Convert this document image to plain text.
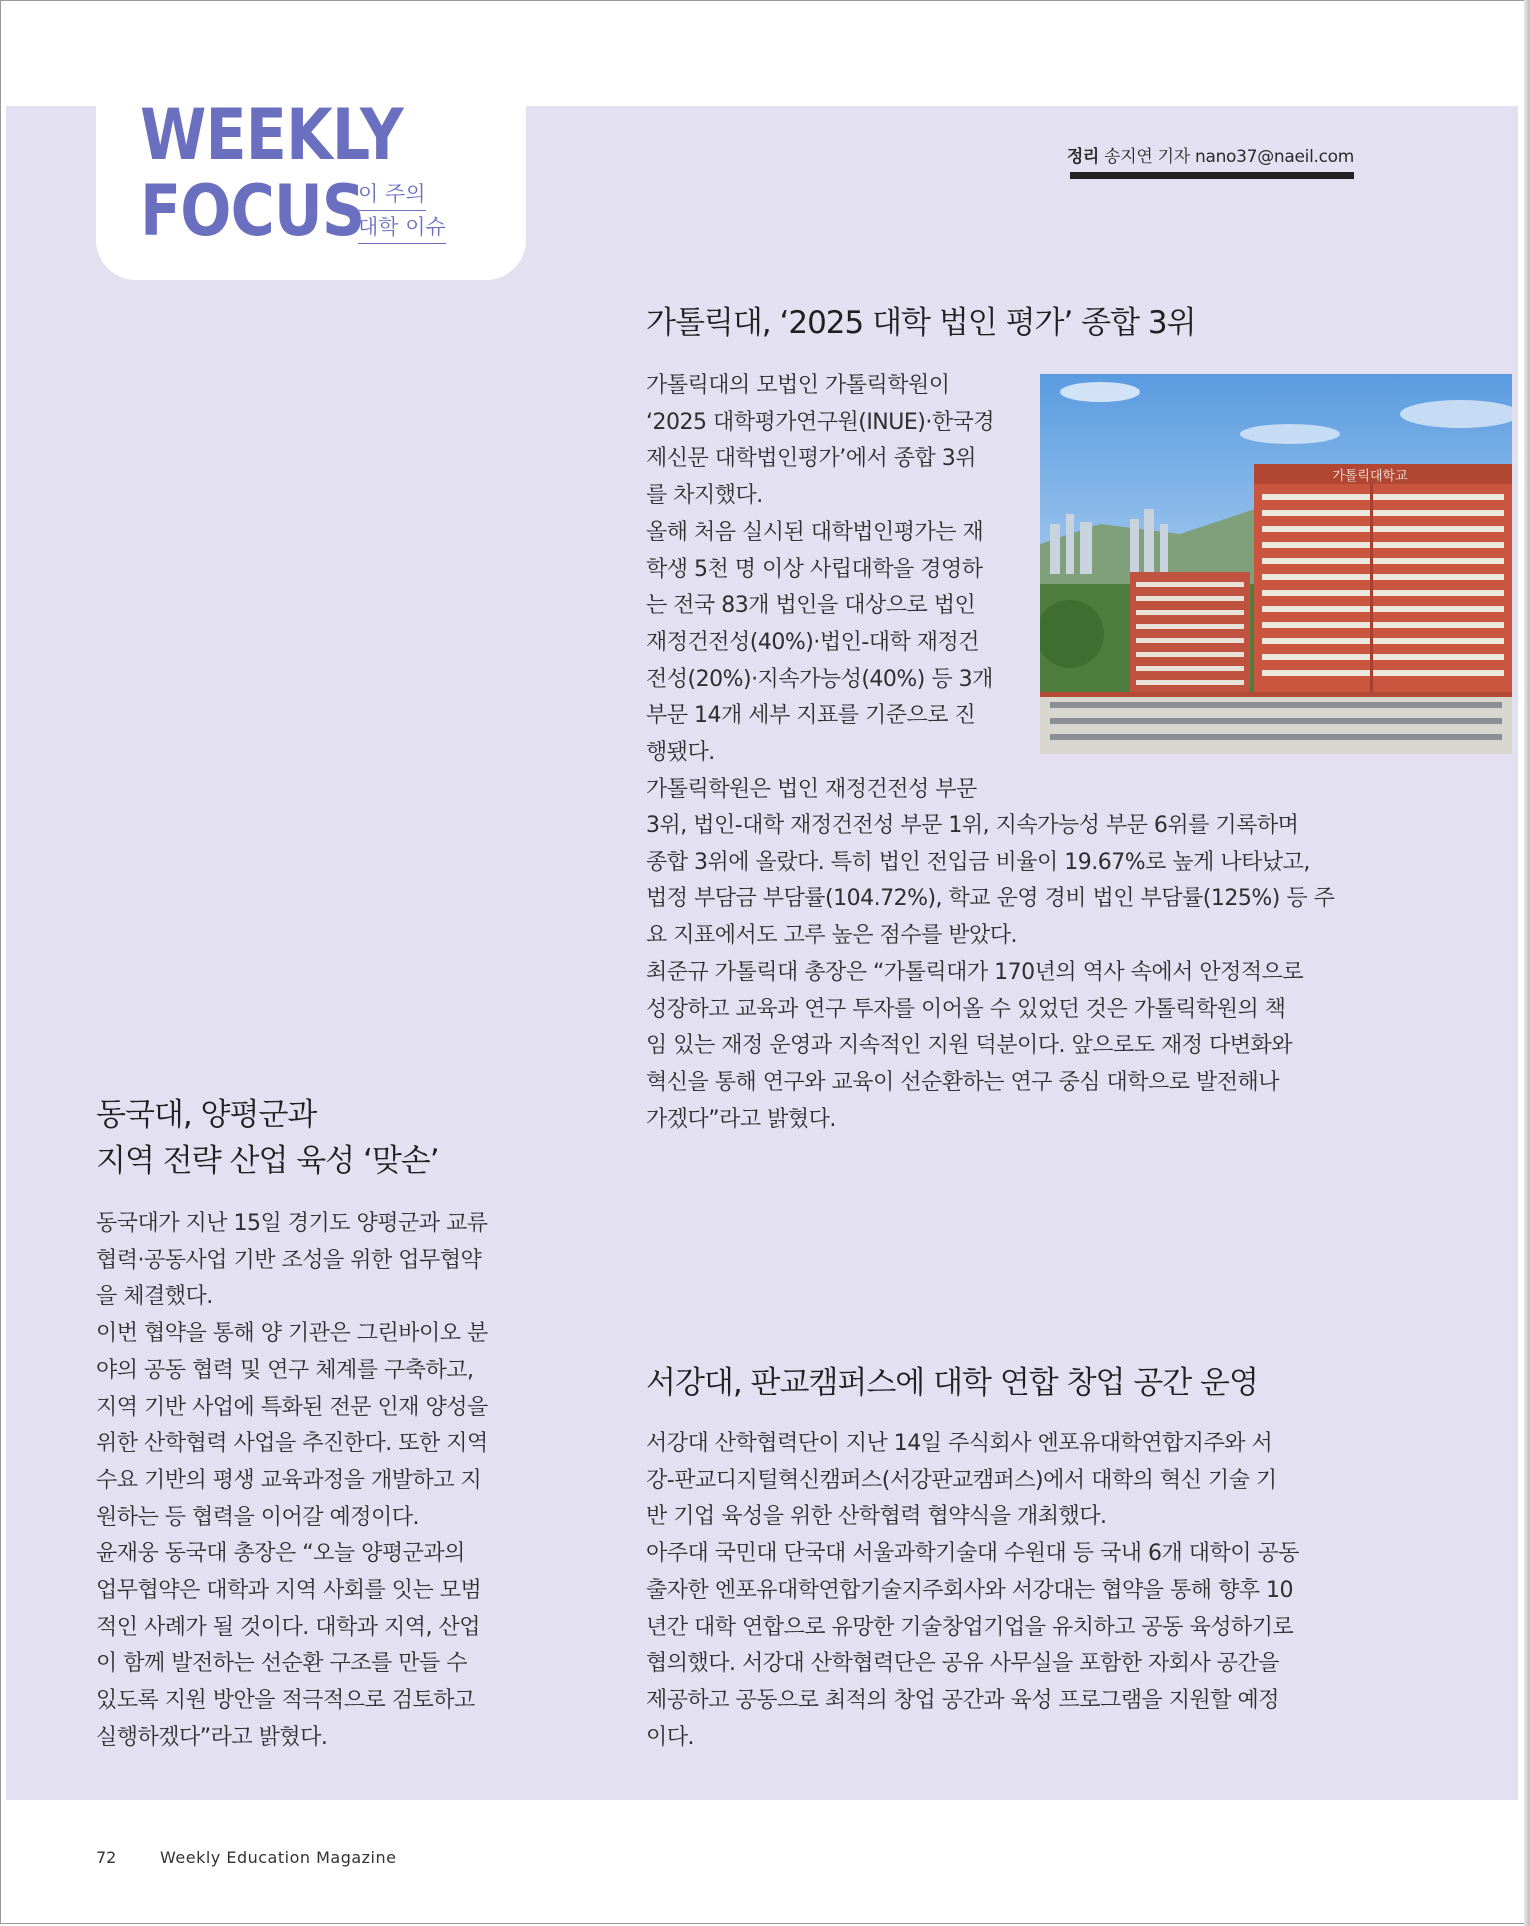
WEEKLY
FOCUS
이 주의
대학 이슈
정리 송지연 기자 nano37@naeil.com
가톨릭대, ‘2025 대학 법인 평가’ 종합 3위

가톨릭대의 모법인 가톨릭학원이

‘2025 대학평가연구원(INUE)·한국경

제신문 대학법인평가’에서 종합 3위

를 차지했다.

올해 처음 실시된 대학법인평가는 재

학생 5천 명 이상 사립대학을 경영하

는 전국 83개 법인을 대상으로 법인

재정건전성(40%)·법인-대학 재정건

전성(20%)·지속가능성(40%) 등 3개

부문 14개 세부 지표를 기준으로 진

행됐다.

가톨릭학원은 법인 재정건전성 부문

가톨릭대학교

3위, 법인-대학 재정건전성 부문 1위, 지속가능성 부문 6위를 기록하며

종합 3위에 올랐다. 특히 법인 전입금 비율이 19.67%로 높게 나타났고,

법정 부담금 부담률(104.72%), 학교 운영 경비 법인 부담률(125%) 등 주

요 지표에서도 고루 높은 점수를 받았다.

최준규 가톨릭대 총장은 “가톨릭대가 170년의 역사 속에서 안정적으로

성장하고 교육과 연구 투자를 이어올 수 있었던 것은 가톨릭학원의 책

임 있는 재정 운영과 지속적인 지원 덕분이다. 앞으로도 재정 다변화와

혁신을 통해 연구와 교육이 선순환하는 연구 중심 대학으로 발전해나

가겠다”라고 밝혔다.

동국대, 양평군과
지역 전략 산업 육성 ‘맞손’

동국대가 지난 15일 경기도 양평군과 교류

협력·공동사업 기반 조성을 위한 업무협약

을 체결했다.

이번 협약을 통해 양 기관은 그린바이오 분

야의 공동 협력 및 연구 체계를 구축하고,

지역 기반 사업에 특화된 전문 인재 양성을

위한 산학협력 사업을 추진한다. 또한 지역

수요 기반의 평생 교육과정을 개발하고 지

원하는 등 협력을 이어갈 예정이다.

윤재웅 동국대 총장은 “오늘 양평군과의

업무협약은 대학과 지역 사회를 잇는 모범

적인 사례가 될 것이다. 대학과 지역, 산업

이 함께 발전하는 선순환 구조를 만들 수

있도록 지원 방안을 적극적으로 검토하고

실행하겠다”라고 밝혔다.

서강대, 판교캠퍼스에 대학 연합 창업 공간 운영

서강대 산학협력단이 지난 14일 주식회사 엔포유대학연합지주와 서

강-판교디지털혁신캠퍼스(서강판교캠퍼스)에서 대학의 혁신 기술 기

반 기업 육성을 위한 산학협력 협약식을 개최했다.

아주대 국민대 단국대 서울과학기술대 수원대 등 국내 6개 대학이 공동

출자한 엔포유대학연합기술지주회사와 서강대는 협약을 통해 향후 10

년간 대학 연합으로 유망한 기술창업기업을 유치하고 공동 육성하기로

협의했다. 서강대 산학협력단은 공유 사무실을 포함한 자회사 공간을

제공하고 공동으로 최적의 창업 공간과 육성 프로그램을 지원할 예정

이다.

72	Weekly Education Magazine
